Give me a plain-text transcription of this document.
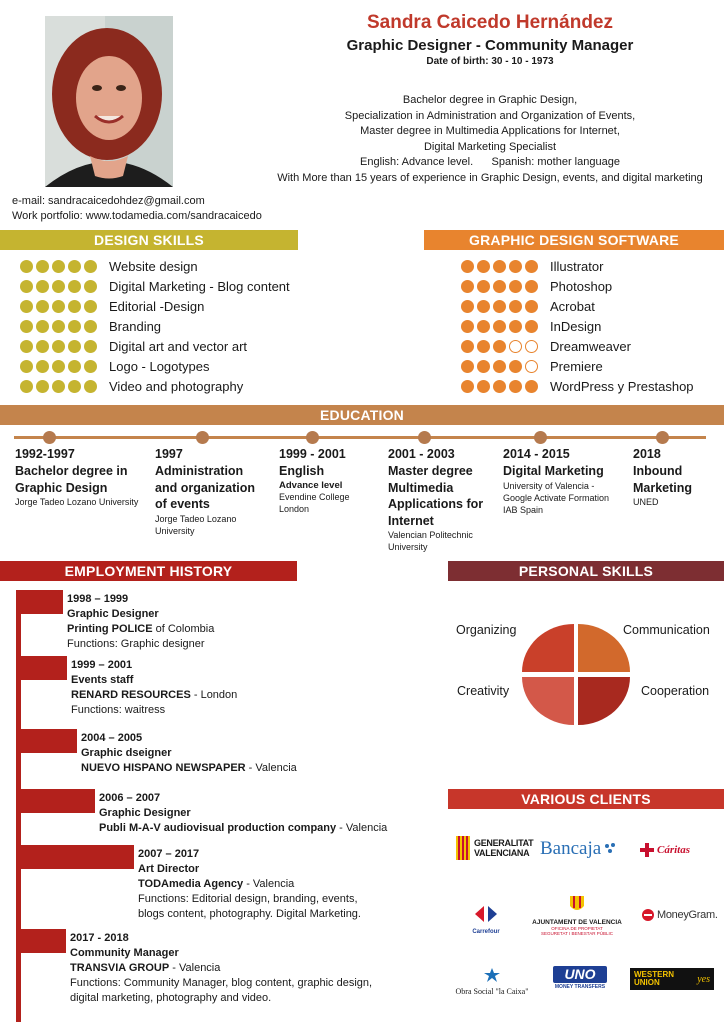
Sandra Caicedo Hernández
Graphic Designer - Community Manager
Date of birth: 30 - 10 - 1973
Bachelor degree in Graphic Design,
Specialization in Administration and Organization of Events,
Master degree in Multimedia Applications for Internet,
Digital Marketing Specialist
English: Advance level.      Spanish: mother language
With More than 15 years of experience in Graphic Design, events, and digital marketing
e-mail: sandracaicedohdez@gmail.com
Work portfolio: www.todamedia.com/sandracaicedo
DESIGN SKILLS	GRAPHIC DESIGN SOFTWARE
Website design
Digital Marketing - Blog content
Editorial -Design
Branding
Digital art and vector art
Logo - Logotypes
Video and photography
Illustrator
Photoshop
Acrobat
InDesign
Dreamweaver
Premiere
WordPress y Prestashop
EDUCATION
1992-1997
Bachelor degree in
Graphic Design
Jorge Tadeo Lozano University
1997
Administration
and organization
of events
Jorge Tadeo Lozano
University
1999 - 2001
English
Advance level
Evendine College
London
2001 - 2003
Master degree
Multimedia
Applications for
Internet
Valencian Politechnic
University
2014 - 2015
Digital Marketing
University of Valencia -
Google Activate Formation
IAB Spain
2018
Inbound
Marketing
UNED
EMPLOYMENT HISTORY
1998 – 1999
Graphic Designer
Printing POLICE of Colombia
Functions: Graphic designer
1999 – 2001
Events staff
RENARD RESOURCES - London
Functions: waitress
2004 – 2005
Graphic dseigner
NUEVO HISPANO NEWSPAPER - Valencia
2006 – 2007
Graphic Designer
Publi M-A-V audiovisual production company - Valencia
2007 – 2017
Art Director
TODAmedia Agency - Valencia
Functions: Editorial design, branding, events,
blogs content, photography. Digital Marketing.
2017 - 2018
Community Manager
TRANSVIA GROUP - Valencia
Functions: Community Manager, blog content, graphic design,
digital marketing, photography and video.
PERSONAL SKILLS
Organizing	Communication
Creativity	Cooperation
VARIOUS CLIENTS
GENERALITAT
VALENCIANA Bancaja	Cáritas
Carrefour
AJUNTAMENT DE VALENCIA
OFICINA DE PROPIETAT
SEGURETAT I BENESTAR PÚBLIC
MoneyGram.
Obra Social "la Caixa"
UNO
MONEY TRANSFERS
WESTERN
UNION	yes
